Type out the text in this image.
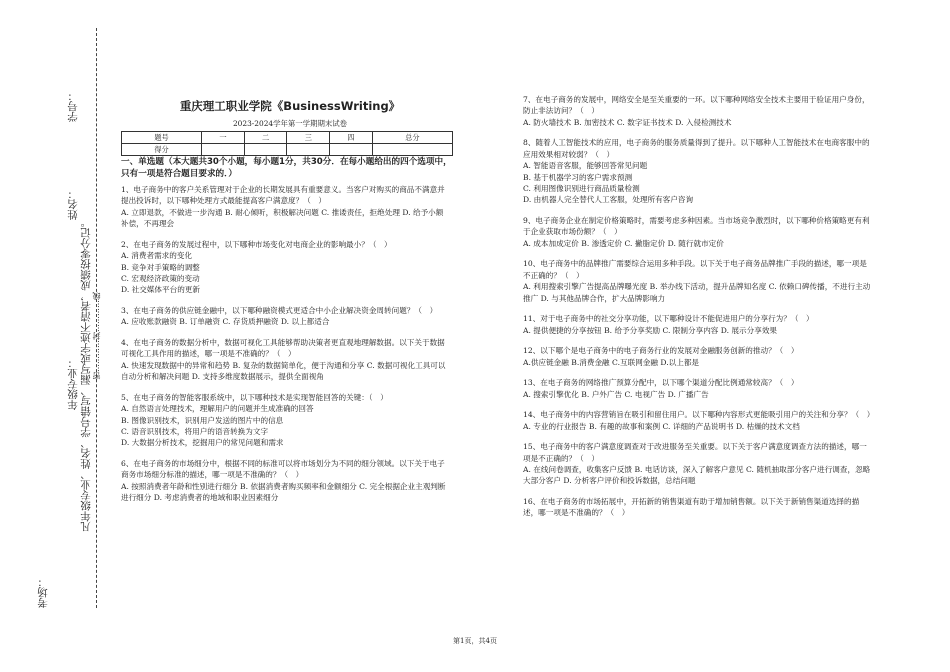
学号：
姓名：
年级专业： 凡年级专业、姓名、学号错写、漏写或字迹不清者，成绩按零分记。 密…………封…………线
考场：
重庆理工职业学院《BusinessWriting》
2023-2024学年第一学期期末试卷
题号	一	二	三	四	总分
得分					
一、单选题（本大题共30个小题，每小题1分，共30分．在每小题给出的四个选项中，只有一项是符合题目要求的．）

1、电子商务中的客户关系管理对于企业的长期发展具有重要意义。当客户对购买的商品不满意并提出投诉时，以下哪种处理方式最能提高客户满意度？（　）

A. 立即退款，不做进一步沟通 B. 耐心倾听，积极解决问题 C. 推诿责任，拒绝处理 D. 给予小额补偿，不再理会

2、在电子商务的发展过程中，以下哪种市场变化对电商企业的影响最小？（　）

A. 消费者需求的变化

B. 竞争对手策略的调整

C. 宏观经济政策的变动

D. 社交媒体平台的更新

3、在电子商务的供应链金融中，以下哪种融资模式更适合中小企业解决资金周转问题？（　）

A. 应收账款融资 B. 订单融资 C. 存货质押融资 D. 以上都适合

4、在电子商务的数据分析中，数据可视化工具能够帮助决策者更直观地理解数据。以下关于数据可视化工具作用的描述，哪一项是不准确的？（　）

A. 快速发现数据中的异常和趋势 B. 复杂的数据简单化，便于沟通和分享 C. 数据可视化工具可以自动分析和解决问题 D. 支持多维度数据展示，提供全面视角

5、在电子商务的智能客服系统中，以下哪种技术是实现智能回答的关键：（　）

A. 自然语言处理技术，理解用户的问题并生成准确的回答

B. 图像识别技术，识别用户发送的图片中的信息

C. 语音识别技术，将用户的语音转换为文字

D. 大数据分析技术，挖掘用户的常见问题和需求

6、在电子商务的市场细分中，根据不同的标准可以将市场划分为不同的细分领域。以下关于电子商务市场细分标准的描述，哪一项是不准确的？（　）

A. 按照消费者年龄和性别进行细分 B. 依据消费者购买频率和金额细分 C. 完全根据企业主观判断进行细分 D. 考虑消费者的地域和职业因素细分

7、在电子商务的发展中，网络安全是至关重要的一环。以下哪种网络安全技术主要用于验证用户身份，防止非法访问？（　）

A. 防火墙技术 B. 加密技术 C. 数字证书技术 D. 入侵检测技术

8、随着人工智能技术的应用，电子商务的服务质量得到了提升。以下哪种人工智能技术在电商客服中的应用效果相对较弱？（　）

A. 智能语音客服，能够回答常见问题

B. 基于机器学习的客户需求预测

C. 利用图像识别进行商品质量检测

D. 由机器人完全替代人工客服，处理所有客户咨询

9、电子商务企业在制定价格策略时，需要考虑多种因素。当市场竞争激烈时，以下哪种价格策略更有利于企业获取市场份额？（　）

A. 成本加成定价 B. 渗透定价 C. 撇脂定价 D. 随行就市定价

10、电子商务中的品牌推广需要综合运用多种手段。以下关于电子商务品牌推广手段的描述，哪一项是不正确的？（　）

A. 利用搜索引擎广告提高品牌曝光度 B. 举办线下活动，提升品牌知名度 C. 依赖口碑传播，不进行主动推广 D. 与其他品牌合作，扩大品牌影响力

11、对于电子商务中的社交分享功能，以下哪种设计不能促进用户的分享行为？（　）

A. 提供便捷的分享按钮 B. 给予分享奖励 C. 限制分享内容 D. 展示分享效果

12、以下哪个是电子商务中的电子商务行业的发展对金融服务创新的推动？（　）

A.供应链金融 B.消费金融 C.互联网金融 D.以上都是

13、在电子商务的网络推广预算分配中，以下哪个渠道分配比例通常较高？（　）

A. 搜索引擎优化 B. 户外广告 C. 电视广告 D. 广播广告

14、电子商务中的内容营销旨在吸引和留住用户。以下哪种内容形式更能吸引用户的关注和分享？（　）

A. 专业的行业报告 B. 有趣的故事和案例 C. 详细的产品说明书 D. 枯燥的技术文档

15、电子商务中的客户满意度调查对于改进服务至关重要。以下关于客户满意度调查方法的描述，哪一项是不正确的？（　）

A. 在线问卷调查，收集客户反馈 B. 电话访谈，深入了解客户意见 C. 随机抽取部分客户进行调查，忽略大部分客户 D. 分析客户评价和投诉数据，总结问题

16、在电子商务的市场拓展中，开拓新的销售渠道有助于增加销售额。以下关于新销售渠道选择的描述，哪一项是不准确的？（　）

第1页，共4页
